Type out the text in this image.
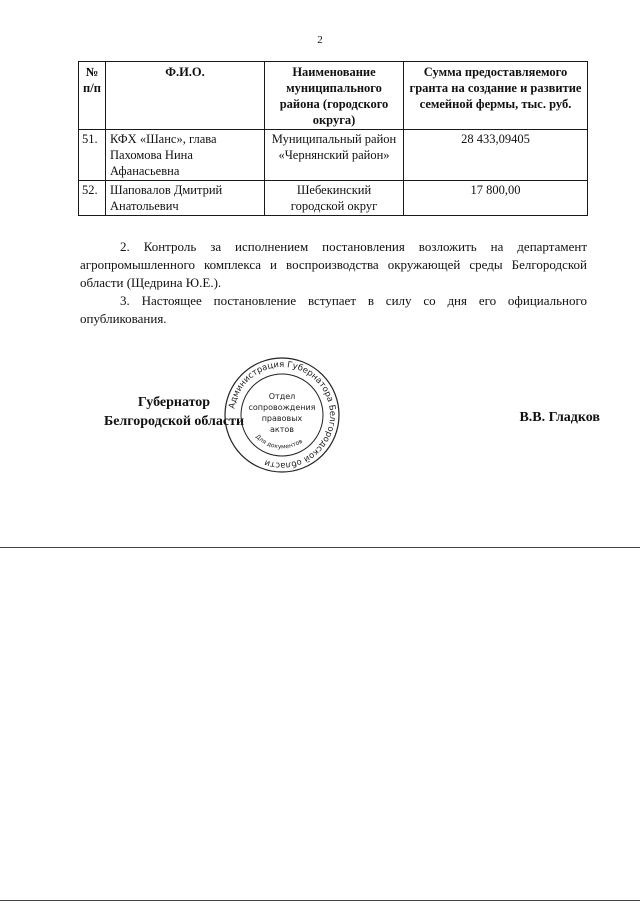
2
№ п/п	Ф.И.О.	Наименование муниципального района (городского округа)	Сумма предоставляемого гранта на создание и развитие семейной фермы, тыс. руб.
51.	КФХ «Шанс», глава Пахомова Нина Афанасьевна	Муниципальный район «Чернянский район»	28 433,09405
52.	Шаповалов Дмитрий Анатольевич	Шебекинский городской округ	17 800,00
2. Контроль за исполнением постановления возложить на департамент агропромышленного комплекса и воспроизводства окружающей среды Белгородской области (Щедрина Ю.Е.).
3. Настоящее постановление вступает в силу со дня его официального опубликования.
Губернатор
Белгородской области
Администрация Губернатора Белгородской области
Отдел
сопровождения
правовых
актов
Для документов
В.В. Гладков
